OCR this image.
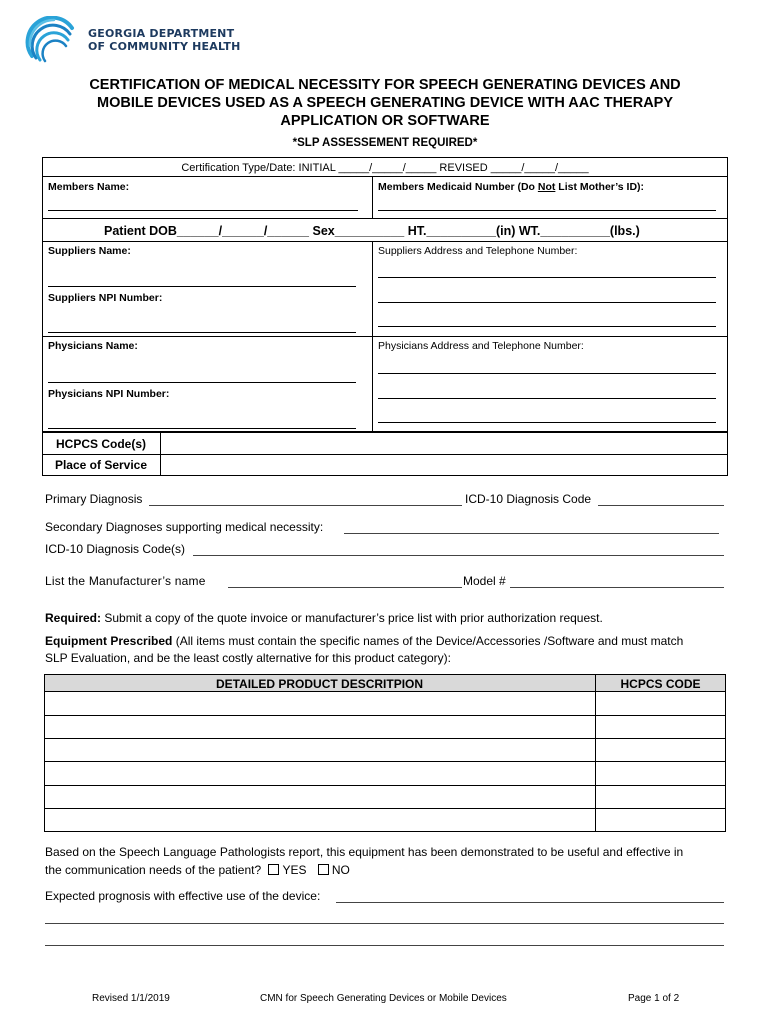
GEORGIA DEPARTMENT
OF COMMUNITY HEALTH
CERTIFICATION OF MEDICAL NECESSITY FOR SPEECH GENERATING DEVICES AND
MOBILE DEVICES USED AS A SPEECH GENERATING DEVICE WITH AAC THERAPY
APPLICATION OR SOFTWARE
*SLP ASSESSEMENT REQUIRED*
Certification Type/Date: INITIAL _____/_____/_____ REVISED _____/_____/_____
Members Name:	Members Medicaid Number (Do Not List Mother’s ID):
Patient DOB______/______/______ Sex__________ HT.__________(in) WT.__________(lbs.)
Suppliers Name:	Suppliers Address and Telephone Number:
Suppliers NPI Number:
Physicians Name:	Physicians Address and Telephone Number:
Physicians NPI Number:
HCPCS Code(s)
Place of Service
Primary Diagnosis	ICD-10 Diagnosis Code
Secondary Diagnoses supporting medical necessity:
ICD-10 Diagnosis Code(s)
List the Manufacturer’s name	Model #
Required: Submit a copy of the quote invoice or manufacturer’s price list with prior authorization request.
Equipment Prescribed (All items must contain the specific names of the Device/Accessories /Software and must match
SLP Evaluation, and be the least costly alternative for this product category):
DETAILED PRODUCT DESCRITPION	HCPCS CODE
Based on the Speech Language Pathologists report, this equipment has been demonstrated to be useful and effective in
the communication needs of the patient? YES NO
Expected prognosis with effective use of the device:
Revised 1/1/2019	CMN for Speech Generating Devices or Mobile Devices	Page 1 of 2
